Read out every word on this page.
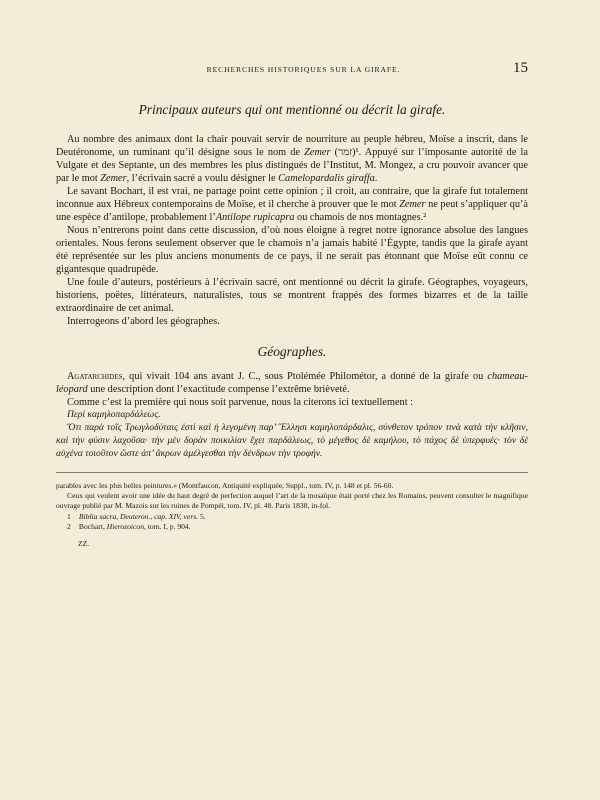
RECHERCHES HISTORIQUES SUR LA GIRAFE.	15
Principaux auteurs qui ont mentionné ou décrit la girafe.

Au nombre des animaux dont la chair pouvait servir de nourriture au peuple hébreu, Moïse a inscrit, dans le Deutéronome, un ruminant qu’il désigne sous le nom de Zemer (זמר)¹. Appuyé sur l’imposante autorité de la Vulgate et des Septante, un des membres les plus distingués de l’Institut, M. Mongez, a cru pouvoir avancer que par le mot Zemer, l’écrivain sacré a voulu désigner le Camelopardalis giraffa.

Le savant Bochart, il est vrai, ne partage point cette opinion ; il croit, au contraire, que la girafe fut totalement inconnue aux Hébreux contemporains de Moïse, et il cherche à prouver que le mot Zemer ne peut s’appliquer qu’à une espèce d’antilope, probablement l’Antilope rupicapra ou chamois de nos montagnes.²

Nous n’entrerons point dans cette discussion, d’où nous éloigne à regret notre ignorance absolue des langues orientales. Nous ferons seulement observer que le chamois n’a jamais habité l’Égypte, tandis que la girafe ayant été représentée sur les plus anciens monuments de ce pays, il ne serait pas étonnant que Moïse eût connu ce gigantesque quadrupède.

Une foule d’auteurs, postérieurs à l’écrivain sacré, ont mentionné ou décrit la girafe. Géographes, voyageurs, historiens, poëtes, littérateurs, naturalistes, tous se montrent frappés des formes bizarres et de la taille extraordinaire de cet animal.

Interrogeons d’abord les géographes.

Géographes.

Agatarchides, qui vivait 104 ans avant J. C., sous Ptolémée Philométor, a donné de la girafe ou chameau-léopard une description dont l’exactitude compense l’extrême brièveté.

Comme c’est la première qui nous soit parvenue, nous la citerons ici textuellement :

Περὶ καμηλοπαρδάλεως.

Ὅτι παρὰ τοῖς Τρωγλοδύταις ἐστὶ καὶ ἡ λεγομένη παρ’ Ἕλλησι καμηλοπάρδαλις, σύνθετον τρόπον τινὰ κατὰ τὴν κλῆσιν, καὶ τὴν φύσιν λαχοῦσα· τὴν μὲν δορὰν ποικιλίαν ἔχει παρδάλεως, τὸ μέγεθος δὲ καμήλου, τὸ πάχος δὲ ὑπερφυές· τὸν δὲ αὐχένα τοιοῦτον ὥστε ἀπ’ ἄκρων ἀμέλγεσθαι τὴν δένδρων τὴν τροφήν.

parables avec les plus belles peintures.» (Montfaucon, Antiquité expliquée, Suppl., tom. IV, p. 148 et pl. 56-60.

Ceux qui veulent avoir une idée du haut degré de perfection auquel l’art de la mosaïque était porté chez les Romains, peuvent consulter le magnifique ouvrage publié par M. Mazois sur les ruines de Pompéi, tom. IV, pl. 48. Paris 1838, in-fol.

1 Biblia sacra, Deuteron., cap. XIV, vers. 5.

2 Bochart, Hierozoicon, tom. I, p. 904.

ZZ.
